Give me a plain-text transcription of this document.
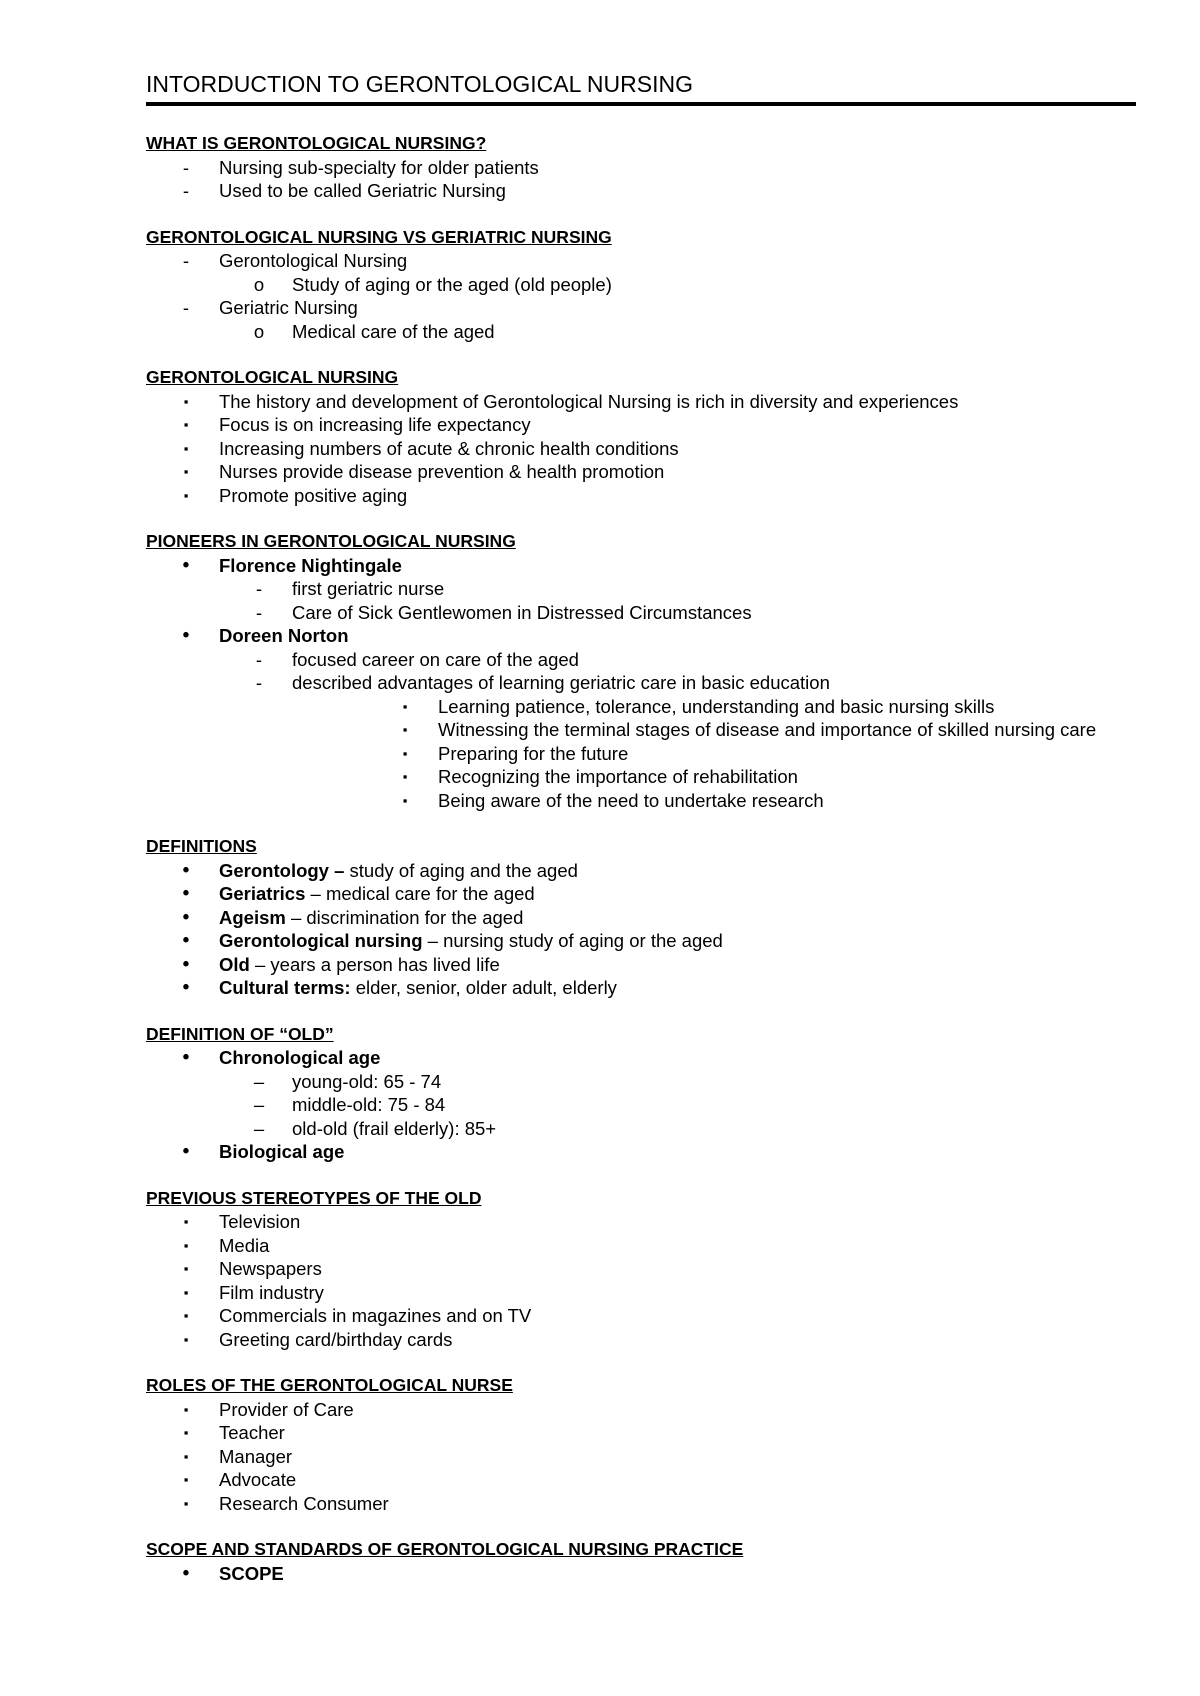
INTORDUCTION TO GERONTOLOGICAL NURSING
WHAT IS GERONTOLOGICAL NURSING?
-	Nursing sub-specialty for older patients
-	Used to be called Geriatric Nursing
GERONTOLOGICAL NURSING VS GERIATRIC NURSING
-	Gerontological Nursing
o Study of aging or the aged (old people)
-	Geriatric Nursing
o Medical care of the aged
GERONTOLOGICAL NURSING
▪	The history and development of Gerontological Nursing is rich in diversity and experiences
▪	Focus is on increasing life expectancy
▪	Increasing numbers of acute & chronic health conditions
▪	Nurses provide disease prevention & health promotion
▪	Promote positive aging
PIONEERS IN GERONTOLOGICAL NURSING
•	Florence Nightingale
-	first geriatric nurse
-	Care of Sick Gentlewomen in Distressed Circumstances
•	Doreen Norton
-	focused career on care of the aged
-	described advantages of learning geriatric care in basic education
▪	Learning patience, tolerance, understanding and basic nursing skills
▪	Witnessing the terminal stages of disease and importance of skilled nursing care
▪	Preparing for the future
▪	Recognizing the importance of rehabilitation
▪	Being aware of the need to undertake research
DEFINITIONS
•	Gerontology – study of aging and the aged
•	Geriatrics – medical care for the aged
•	Ageism – discrimination for the aged
•	Gerontological nursing – nursing study of aging or the aged
•	Old – years a person has lived life
•	Cultural terms: elder, senior, older adult, elderly
DEFINITION OF “OLD”
•	Chronological age
– young-old: 65 - 74
– middle-old: 75 - 84
– old-old (frail elderly): 85+
•	Biological age
PREVIOUS STEREOTYPES OF THE OLD
▪	Television
▪	Media
▪	Newspapers
▪	Film industry
▪	Commercials in magazines and on TV
▪	Greeting card/birthday cards
ROLES OF THE GERONTOLOGICAL NURSE
▪	Provider of Care
▪	Teacher
▪	Manager
▪	Advocate
▪	Research Consumer
SCOPE AND STANDARDS OF GERONTOLOGICAL NURSING PRACTICE
•	SCOPE
